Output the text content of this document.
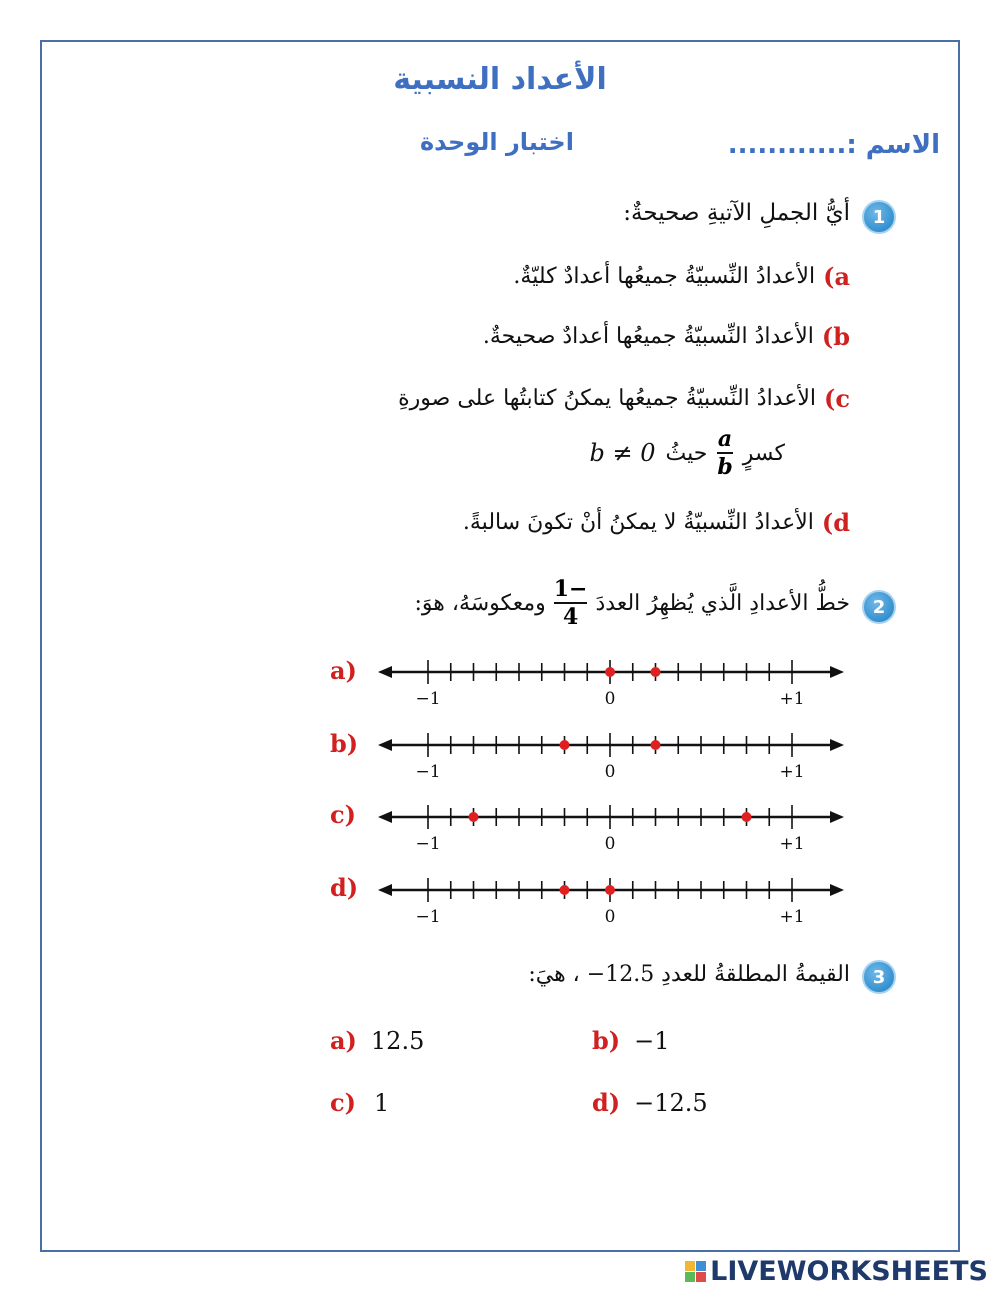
الأعداد النسبية
الاسم :............
اختبار الوحدة
1
أيُّ الجملِ الآتيةِ صحيحةٌ:
a)
الأعدادُ النِّسبيّةُ جميعُها أعدادٌ كليّةٌ.
b)
الأعدادُ النِّسبيّةُ جميعُها أعدادٌ صحيحةٌ.
c)
الأعدادُ النِّسبيّةُ جميعُها يمكنُ كتابتُها على صورةِ
كسرٍ
$\frac{a}{b}$
حيثُ
b ≠ 0
d)
الأعدادُ النِّسبيّةُ لا يمكنُ أنْ تكونَ سالبةً.
2
خطُّ الأعدادِ الَّذي يُظهِرُ العددَ
$\frac{-1}{4}$
ومعكوسَهُ، هوَ:
a)
b)
c)
d)
−1	0	+1
−1	0	+1
−1	0	+1
−1	0	+1
3
القيمةُ المطلقةُ للعددِ 12.5− ، هيَ:
a) 12.5	b) −1
c) 1	d) −12.5
LIVEWORKSHEETS
